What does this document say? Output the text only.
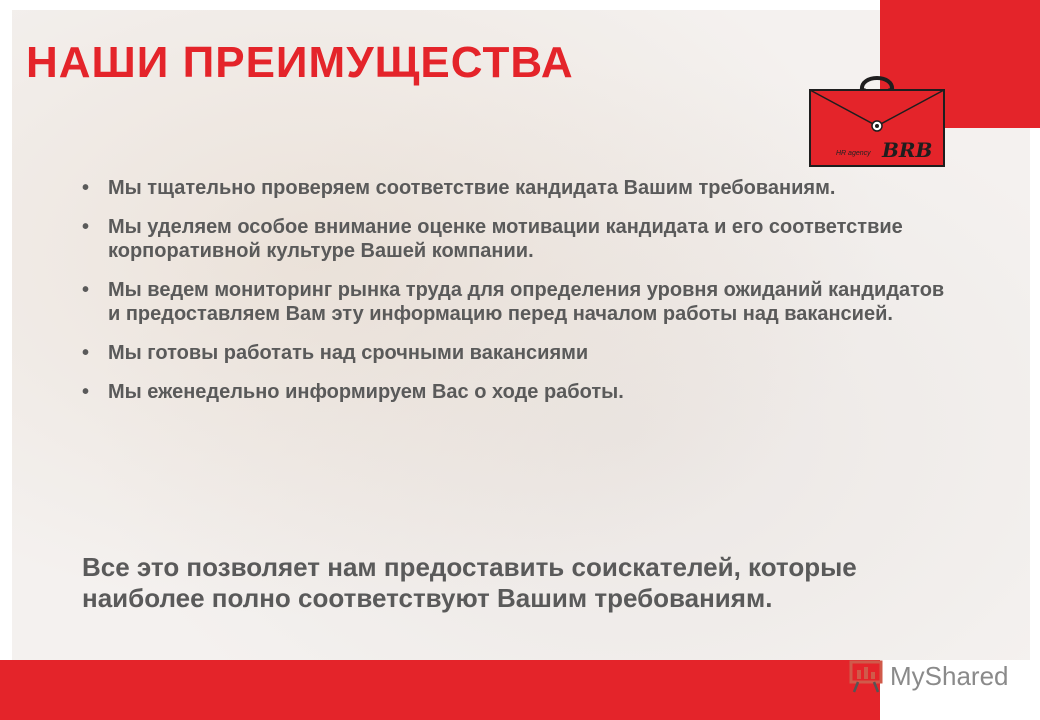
НАШИ ПРЕИМУЩЕСТВА
HR agency BRB
• Мы тщательно проверяем соответствие кандидата Вашим требованиям.
• Мы уделяем особое внимание оценке мотивации кандидата и его соответствие корпоративной культуре Вашей компании.
• Мы ведем мониторинг рынка труда для определения уровня ожиданий кандидатов и предоставляем Вам эту информацию перед началом работы над вакансией.
• Мы готовы работать над срочными вакансиями
• Мы еженедельно информируем Вас о ходе работы.

Все это позволяет нам предоставить соискателей, которые наиболее полно соответствуют Вашим требованиям.

MyShared
